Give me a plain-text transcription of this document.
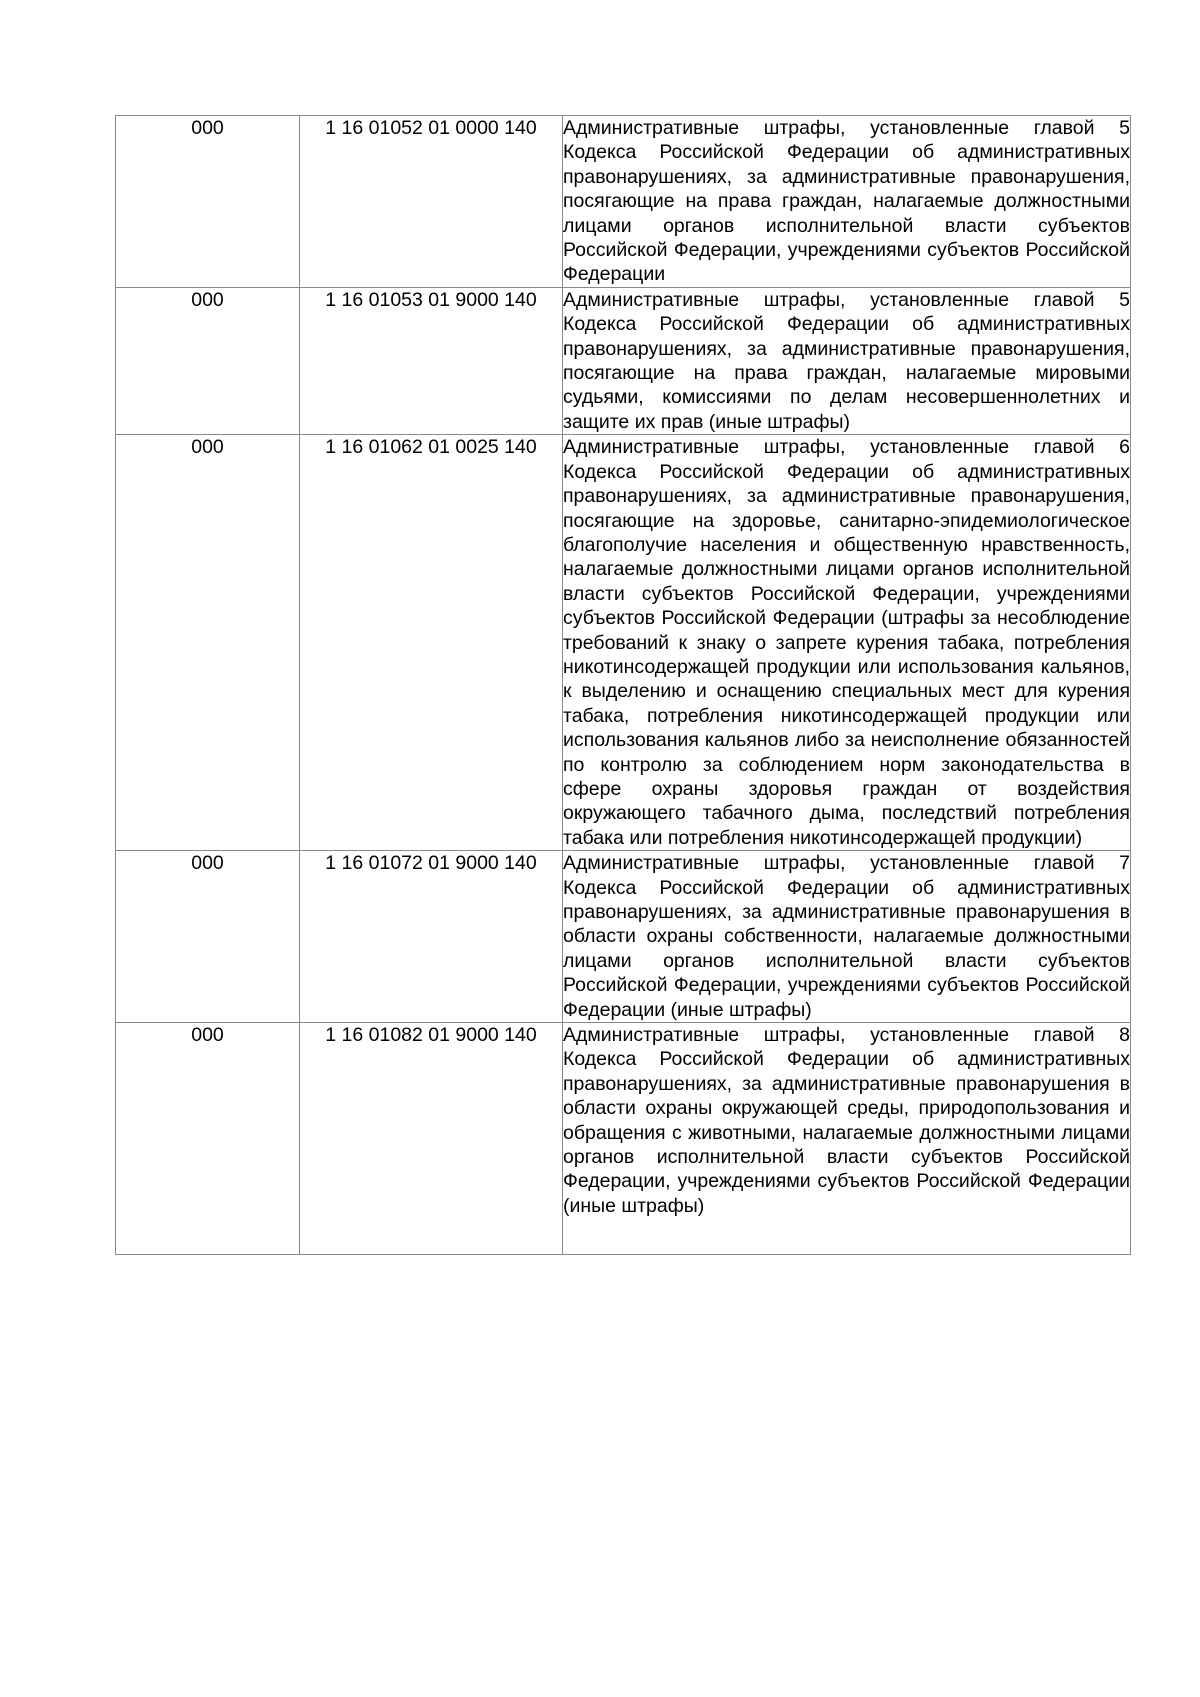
000	1 16 01052 01 0000 140	Административные штрафы, установленные главой 5 Кодекса Российской Федерации об административных правонарушениях, за административные правонарушения, посягающие на права граждан, налагаемые должностными лицами органов исполнительной власти субъектов Российской Федерации, учреждениями субъектов Российской Федерации
000	1 16 01053 01 9000 140	Административные штрафы, установленные главой 5 Кодекса Российской Федерации об административных правонарушениях, за административные правонарушения, посягающие на права граждан, налагаемые мировыми судьями, комиссиями по делам несовершеннолетних и защите их прав (иные штрафы)
000	1 16 01062 01 0025 140	Административные штрафы, установленные главой 6 Кодекса Российской Федерации об административных правонарушениях, за административные правонарушения, посягающие на здоровье, санитарно-эпидемиологическое благополучие населения и общественную нравственность, налагаемые должностными лицами органов исполнительной власти субъектов Российской Федерации, учреждениями субъектов Российской Федерации (штрафы за несоблюдение требований к знаку о запрете курения табака, потребления никотинсодержащей продукции или использования кальянов, к выделению и оснащению специальных мест для курения табака, потребления никотинсодержащей продукции или использования кальянов либо за неисполнение обязанностей по контролю за соблюдением норм законодательства в сфере охраны здоровья граждан от воздействия окружающего табачного дыма, последствий потребления табака или потребления никотинсодержащей продукции)
000	1 16 01072 01 9000 140	Административные штрафы, установленные главой 7 Кодекса Российской Федерации об административных правонарушениях, за административные правонарушения в области охраны собственности, налагаемые должностными лицами органов исполнительной власти субъектов Российской Федерации, учреждениями субъектов Российской Федерации (иные штрафы)
000	1 16 01082 01 9000 140	Административные штрафы, установленные главой 8 Кодекса Российской Федерации об административных правонарушениях, за административные правонарушения в области охраны окружающей среды, природопользования и обращения с животными, налагаемые должностными лицами органов исполнительной власти субъектов Российской Федерации, учреждениями субъектов Российской Федерации (иные штрафы)
